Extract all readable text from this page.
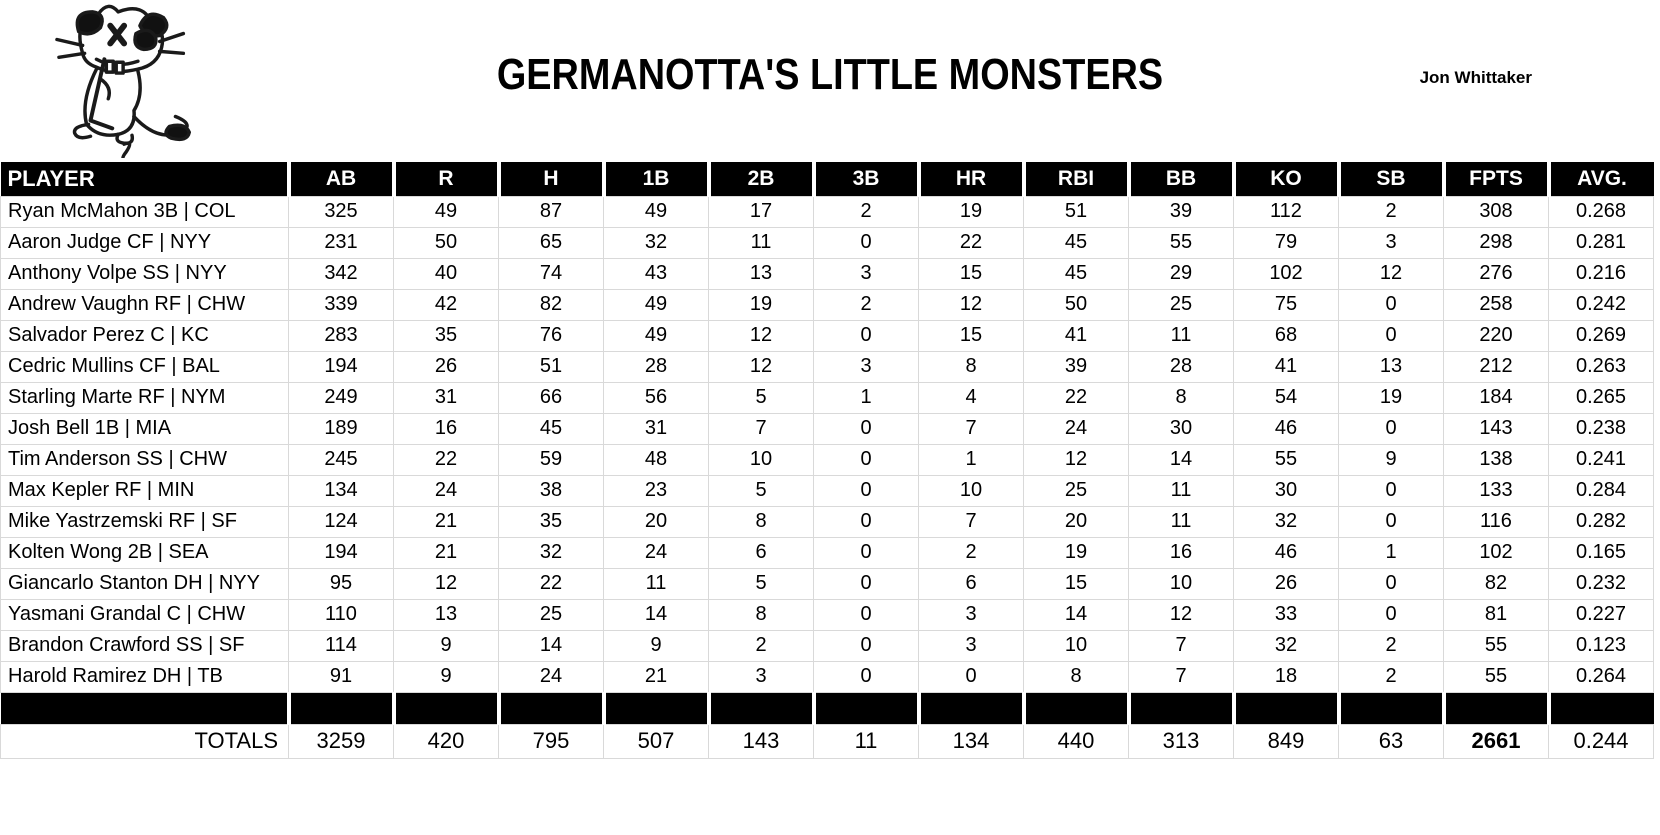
GERMANOTTA'S LITTLE MONSTERS	Jon Whittaker
PLAYER	AB	R	H	1B	2B	3B	HR	RBI	BB	KO	SB	FPTS	AVG.
Ryan McMahon 3B | COL	325	49	87	49	17	2	19	51	39	112	2	308	0.268
Aaron Judge CF | NYY	231	50	65	32	11	0	22	45	55	79	3	298	0.281
Anthony Volpe SS | NYY	342	40	74	43	13	3	15	45	29	102	12	276	0.216
Andrew Vaughn RF | CHW	339	42	82	49	19	2	12	50	25	75	0	258	0.242
Salvador Perez C | KC	283	35	76	49	12	0	15	41	11	68	0	220	0.269
Cedric Mullins CF | BAL	194	26	51	28	12	3	8	39	28	41	13	212	0.263
Starling Marte RF | NYM	249	31	66	56	5	1	4	22	8	54	19	184	0.265
Josh Bell 1B | MIA	189	16	45	31	7	0	7	24	30	46	0	143	0.238
Tim Anderson SS | CHW	245	22	59	48	10	0	1	12	14	55	9	138	0.241
Max Kepler RF | MIN	134	24	38	23	5	0	10	25	11	30	0	133	0.284
Mike Yastrzemski RF | SF	124	21	35	20	8	0	7	20	11	32	0	116	0.282
Kolten Wong 2B | SEA	194	21	32	24	6	0	2	19	16	46	1	102	0.165
Giancarlo Stanton DH | NYY	95	12	22	11	5	0	6	15	10	26	0	82	0.232
Yasmani Grandal C | CHW	110	13	25	14	8	0	3	14	12	33	0	81	0.227
Brandon Crawford SS | SF	114	9	14	9	2	0	3	10	7	32	2	55	0.123
Harold Ramirez DH | TB	91	9	24	21	3	0	0	8	7	18	2	55	0.264

TOTALS	3259	420	795	507	143	11	134	440	313	849	63	2661	0.244
